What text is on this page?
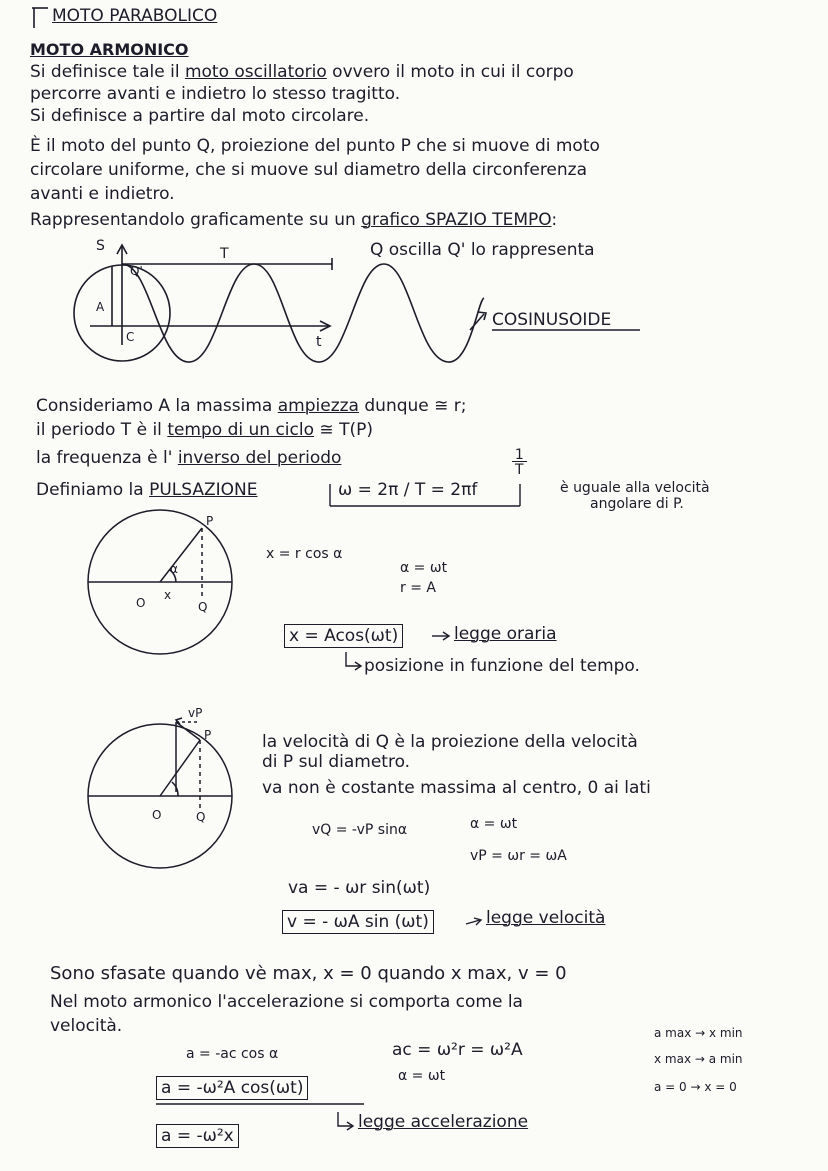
MOTO PARABOLICO
MOTO ARMONICO
Si definisce tale il moto oscillatorio ovvero il moto in cui il corpo
percorre avanti e indietro lo stesso tragitto.
Si definisce a partire dal moto circolare.
È il moto del punto Q, proiezione del punto P che si muove di moto
circolare uniforme, che si muove sul diametro della circonferenza
avanti e indietro.
Rappresentandolo graficamente su un grafico SPAZIO TEMPO:
S
t
T
A
Q'
C
Q oscilla Q' lo rappresenta
COSINUSOIDE
Consideriamo A la massima ampiezza dunque ≅ r;
il periodo T è il tempo di un ciclo ≅ T(P)
la frequenza è l' inverso del periodo	1
T
Definiamo la PULSAZIONE	ω = 2π / T = 2πf	è uguale alla velocità
angolare di P.
P
O
x
Q
α
x = r cos α
α = ωt
r = A
x = Acos(ωt)	legge oraria
posizione in funzione del tempo.
vP
P
O	Q
la velocità di Q è la proiezione della velocità
di P sul diametro.
va non è costante massima al centro, 0 ai lati
vQ = -vP sinα	α = ωt
vP = ωr = ωA
va = - ωr sin(ωt)
v = - ωA sin (ωt)	legge velocità
Sono sfasate quando vè max, x = 0 quando x max, v = 0
Nel moto armonico l'accelerazione si comporta come la
velocità.
a = -ac cos α	ac = ω²r = ω²A
α = ωt
a max → x min
x max → a min
a = 0 → x = 0
a = -ω²A cos(ωt)
a = -ω²x
legge accelerazione
